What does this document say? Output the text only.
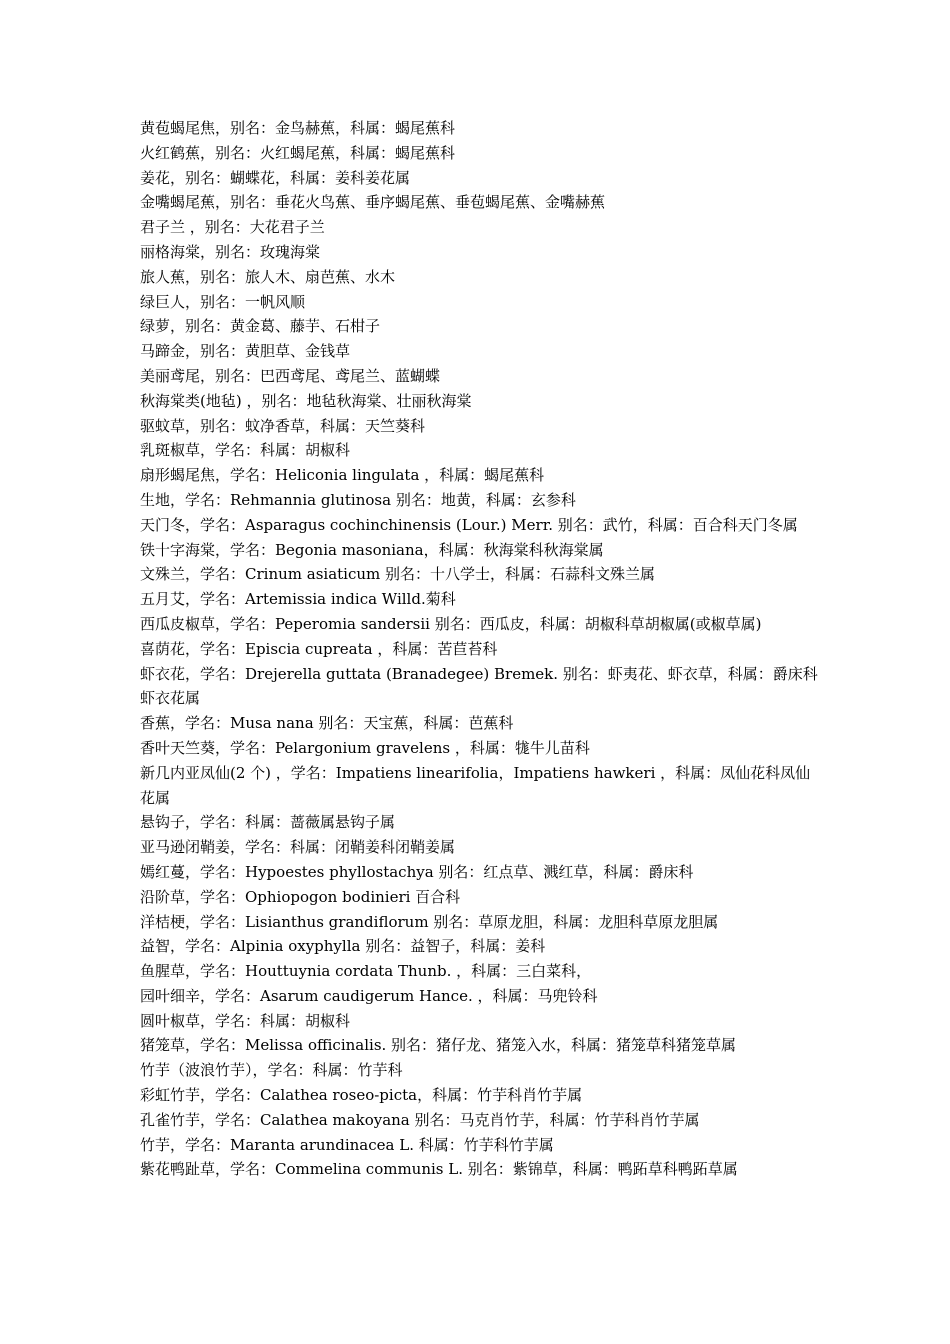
黄苞蝎尾焦，别名：金鸟赫蕉，科属：蝎尾蕉科
火红鹤蕉，别名：火红蝎尾蕉，科属：蝎尾蕉科
姜花，别名：蝴蝶花，科属：姜科姜花属
金嘴蝎尾蕉，别名：垂花火鸟蕉、垂序蝎尾蕉、垂苞蝎尾蕉、金嘴赫蕉
君子兰 ，别名：大花君子兰
丽格海棠，别名：玫瑰海棠
旅人蕉，别名：旅人木、扇芭蕉、水木
绿巨人，别名：一帆风顺
绿萝，别名：黄金葛、藤芋、石柑子
马蹄金，别名：黄胆草、金钱草
美丽鸢尾，别名：巴西鸢尾、鸢尾兰、蓝蝴蝶
秋海棠类(地毡) ，别名：地毡秋海棠、壮丽秋海棠
驱蚊草，别名：蚊净香草，科属：天竺葵科
乳斑椒草，学名：科属：胡椒科
扇形蝎尾焦，学名：Heliconia lingulata ，科属：蝎尾蕉科
生地，学名：Rehmannia glutinosa 别名：地黄，科属：玄参科
天门冬，学名：Asparagus cochinchinensis (Lour.) Merr. 别名：武竹，科属：百合科天门冬属
铁十字海棠，学名：Begonia masoniana，科属：秋海棠科秋海棠属
文殊兰，学名：Crinum asiaticum 别名：十八学士，科属：石蒜科文殊兰属
五月艾，学名：Artemissia indica Willd.菊科
西瓜皮椒草，学名：Peperomia sandersii 别名：西瓜皮，科属：胡椒科草胡椒属(或椒草属)
喜荫花，学名：Episcia cupreata ，科属：苦苣苔科
虾衣花，学名：Drejerella guttata (Branadegee) Bremek. 别名：虾夷花、虾衣草，科属：爵床科虾衣花属
香蕉，学名：Musa nana 别名：天宝蕉，科属：芭蕉科
香叶天竺葵，学名：Pelargonium gravelens ，科属：牻牛儿苗科
新几内亚凤仙(2 个) ，学名：Impatiens linearifolia，Impatiens hawkeri ，科属：凤仙花科凤仙花属
悬钩子，学名：科属：蔷薇属悬钩子属
亚马逊闭鞘姜，学名：科属：闭鞘姜科闭鞘姜属
嫣红蔓，学名：Hypoestes phyllostachya 别名：红点草、溅红草，科属：爵床科
沿阶草，学名：Ophiopogon bodinieri 百合科
洋桔梗，学名：Lisianthus grandiflorum 别名：草原龙胆，科属：龙胆科草原龙胆属
益智，学名：Alpinia oxyphylla 别名：益智子，科属：姜科
鱼腥草，学名：Houttuynia cordata Thunb. ，科属：三白菜科，
园叶细辛，学名：Asarum caudigerum Hance. ，科属：马兜铃科
圆叶椒草，学名：科属：胡椒科
猪笼草，学名：Melissa officinalis. 别名：猪仔龙、猪笼入水，科属：猪笼草科猪笼草属
竹芋（波浪竹芋），学名：科属：竹芋科
彩虹竹芋，学名：Calathea roseo-picta，科属：竹芋科肖竹芋属
孔雀竹芋，学名：Calathea makoyana 别名：马克肖竹芋，科属：竹芋科肖竹芋属
竹芋，学名：Maranta arundinacea L. 科属：竹芋科竹芋属
紫花鸭趾草，学名：Commelina communis L. 别名：紫锦草，科属：鸭跖草科鸭跖草属
